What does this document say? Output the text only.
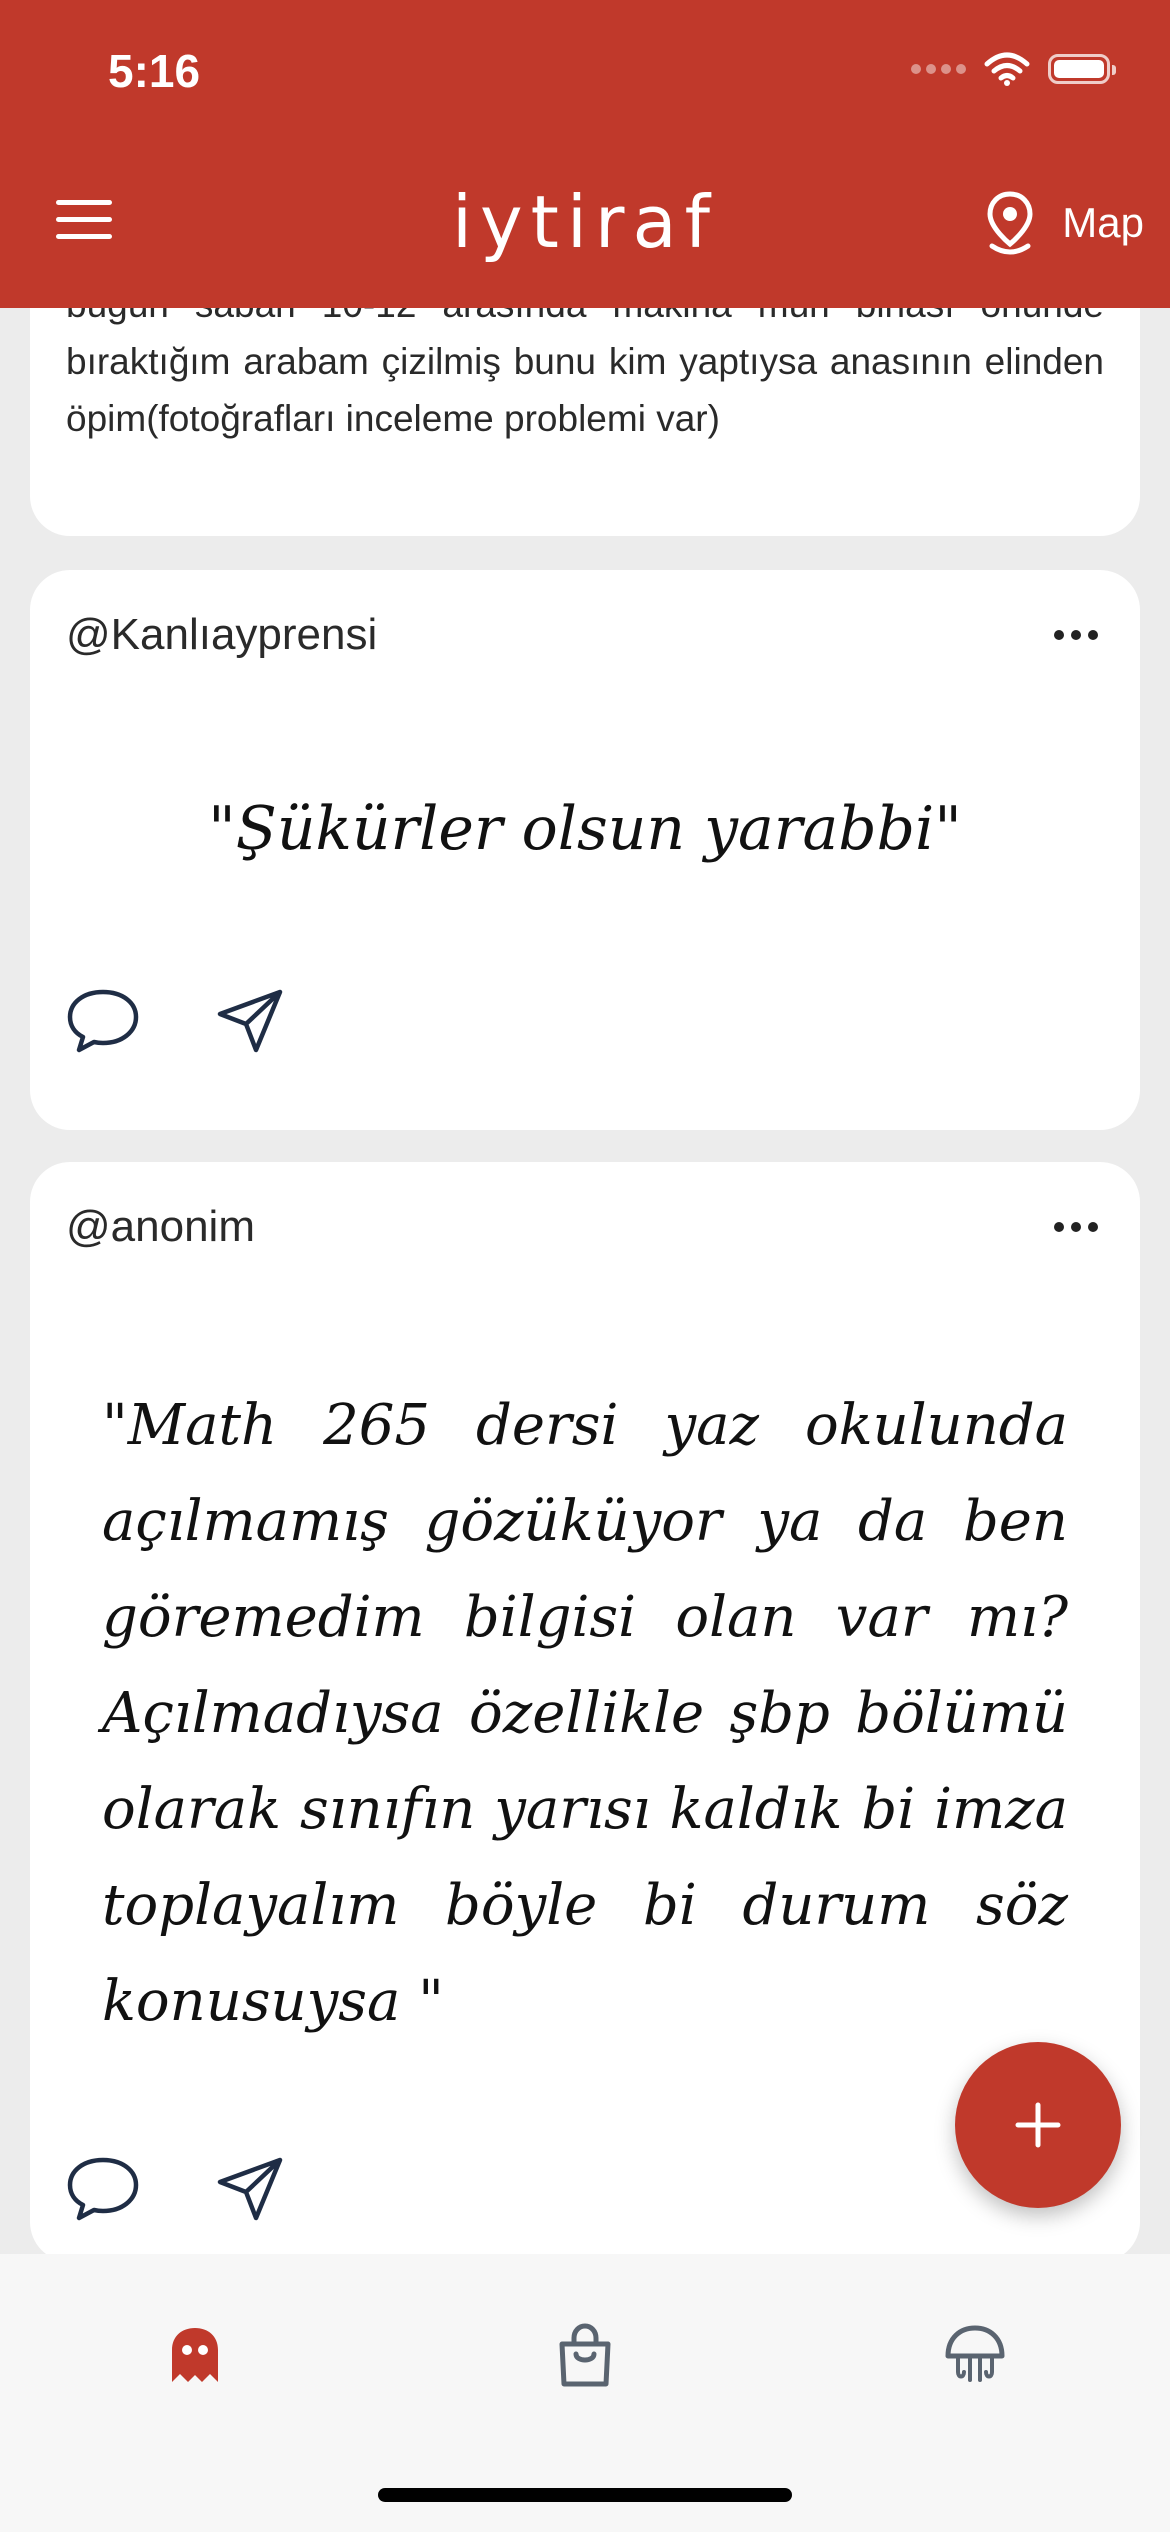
bıraktığım arabam çizilmiş bunu kim yaptıysa anasının elinden öpim(fotoğrafları inceleme problemi var)
@Kanlıayprensi
"Şükürler olsun yarabbi"
@anonim
"Math 265 dersi yaz okulunda açılmamış gözüküyor ya da ben göremedim bilgisi olan var mı? Açılmadıysa özellikle şbp bölümü olarak sınıfın yarısı kaldık bi imza toplayalım böyle bi durum söz konusuysa "
5:16
iytiraf	Map
